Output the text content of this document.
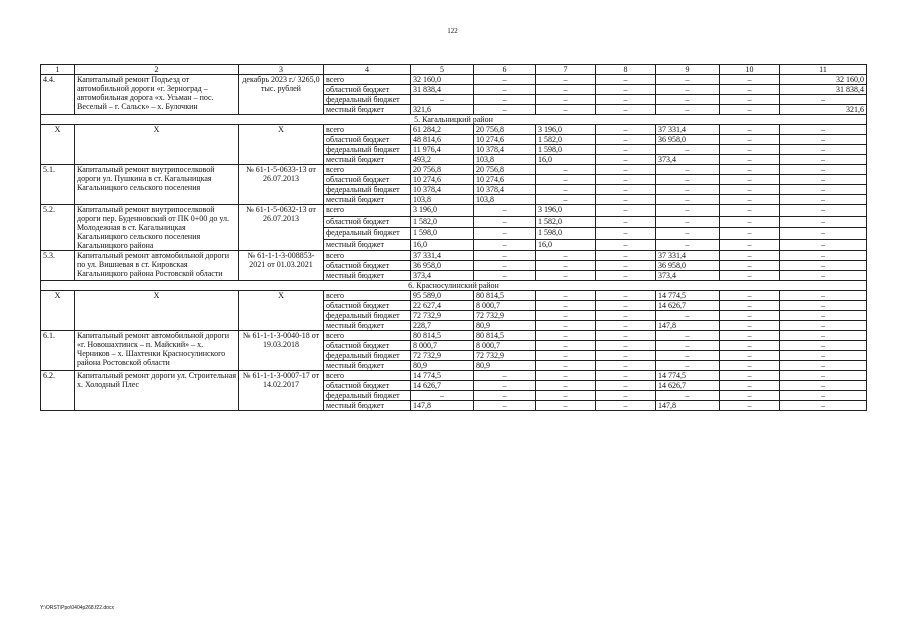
122
1	2	3	4	5	6	7	8	9	10	11
4.4.	Капитальный ремонт Подъезд от автомобильной дороги «г. Зерноград – автомобильная дорога «х. Усьман – пос. Веселый – г. Сальск» – х. Булочкин	декабрь 2023 г./ 3265,0 тыс. рублей	всего	32 160,0	–	–	–	–	–	32 160,0
			областной бюджет	31 838,4	–	–	–	–	–	31 838,4
			федеральный бюджет	–	–	–	–	–	–	–
			местный бюджет	321,6	–	–	–	–	–	321,6
5. Кагальницкий район										
Х	Х	Х	всего	61 284,2	20 756,8	3 196,0	–	37 331,4	–	–
			областной бюджет	48 814,6	10 274,6	1 582,0	–	36 958,0	–	–
			федеральный бюджет	11 976,4	10 378,4	1 598,0	–	–	–	–
			местный бюджет	493,2	103,8	16,0	–	373,4	–	–
5.1.	Капитальный ремонт внутрипоселковой дороги ул. Пушкина в ст. Кагальницкая Кагальницкого сельского поселения	№ 61-1-5-0633-13 от 26.07.2013	всего	20 756,8	20 756,8	–	–	–	–	–
			областной бюджет	10 274,6	10 274,6	–	–	–	–	–
			федеральный бюджет	10 378,4	10 378,4	–	–	–	–	–
			местный бюджет	103,8	103,8	–	–	–	–	–
5.2.	Капитальный ремонт внутрипоселковой дороги пер. Буденновский от ПК 0+00 до ул. Молодежная в ст. Кагальницкая Кагальницкого сельского поселения Кагальницкого района	№ 61-1-5-0632-13 от 26.07.2013	всего	3 196,0	–	3 196,0	–	–	–	–
			областной бюджет	1 582,0	–	1 582,0	–	–	–	–
			федеральный бюджет	1 598,0	–	1 598,0	–	–	–	–
			местный бюджет	16,0	–	16,0	–	–	–	–
5.3.	Капитальный ремонт автомобильной дороги по ул. Вишневая в ст. Кировская Кагальницкого района Ростовской области	№ 61-1-1-3-008853-2021 от 01.03.2021	всего	37 331,4	–	–	–	37 331,4	–	–
			областной бюджет	36 958,0	–	–	–	36 958,0	–	–
			местный бюджет	373,4	–	–	–	373,4	–	–
6. Красносулинский район										
Х	Х	Х	всего	95 589,0	80 814,5	–	–	14 774,5	–	–
			областной бюджет	22 627,4	8 000,7	–	–	14 626,7	–	–
			федеральный бюджет	72 732,9	72 732,9	–	–	–	–	–
			местный бюджет	228,7	80,9	–	–	147,8	–	–
6.1.	Капитальный ремонт автомобильной дороги «г. Новошахтинск – п. Майский» – х. Черников – х. Шахтенки Красносулинского района Ростовской области	№ 61-1-1-3-0040-18 от 19.03.2018	всего	80 814,5	80 814,5	–	–	–	–	–
			областной бюджет	8 000,7	8 000,7	–	–	–	–	–
			федеральный бюджет	72 732,9	72 732,9	–	–	–	–	–
			местный бюджет	80,9	80,9	–	–	–	–	–
6.2.	Капитальный ремонт дороги ул. Строительная х. Холодный Плес	№ 61-1-1-3-0007-17 от 14.02.2017	всего	14 774,5	–	–	–	14 774,5	–	–
			областной бюджет	14 626,7	–	–	–	14 626,7	–	–
			федеральный бюджет	–	–	–	–	–	–	–
			местный бюджет	147,8	–	–	–	147,8	–	–
Y:\ORST\Ppo\0404p268.f22.docx
